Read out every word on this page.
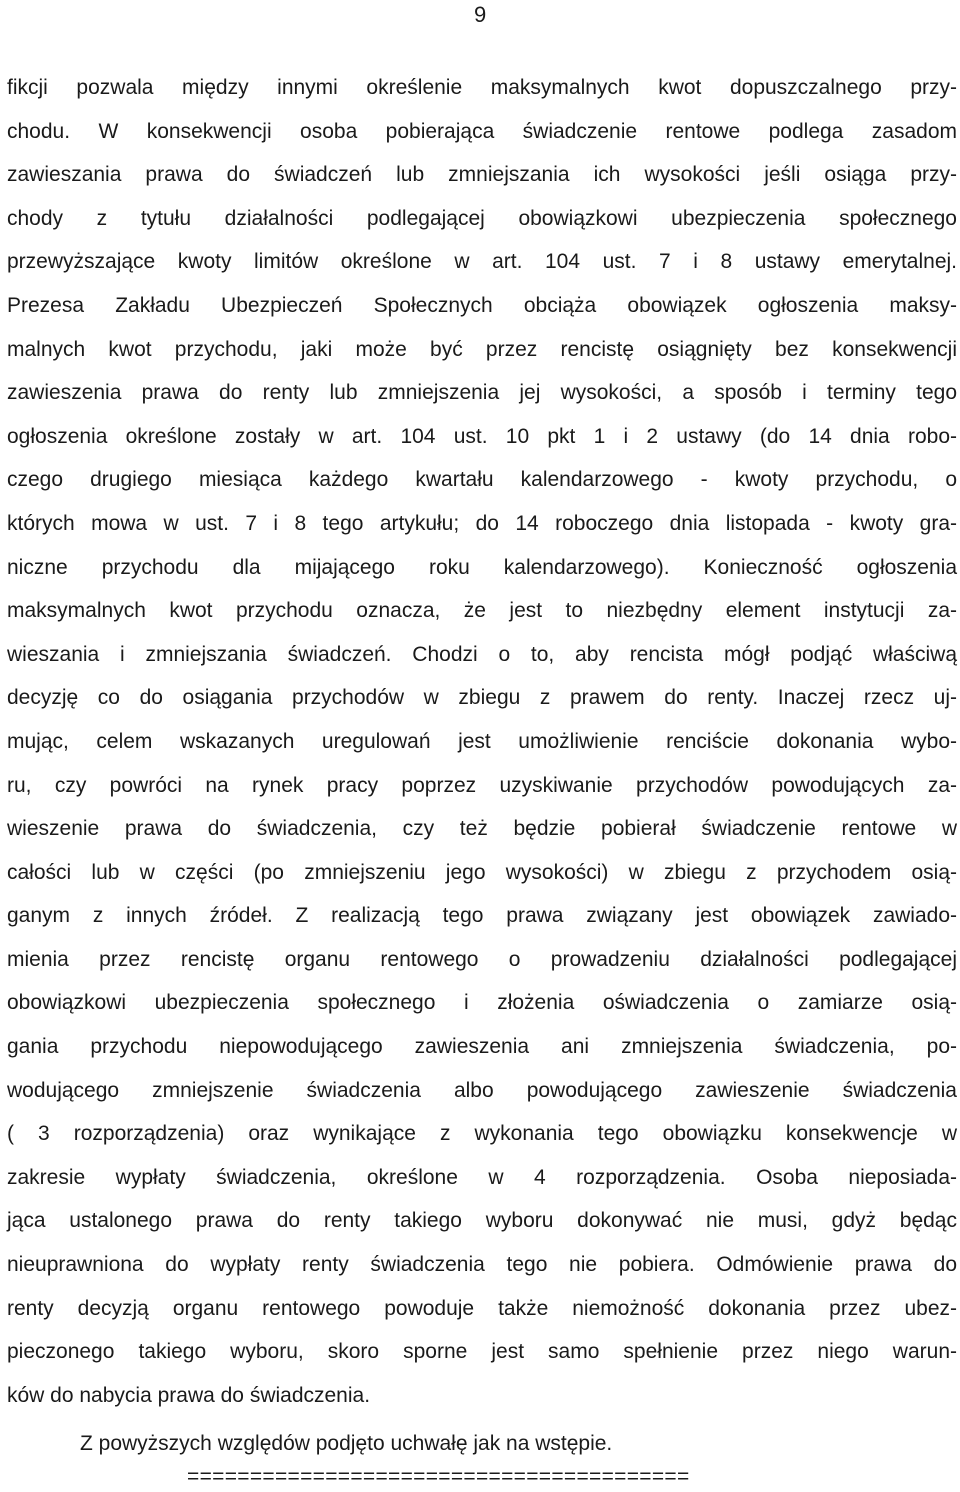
9
fikcji pozwala między innymi określenie maksymalnych kwot dopuszczalnego przy-
chodu. W konsekwencji osoba pobierająca świadczenie rentowe podlega zasadom
zawieszania prawa do świadczeń lub zmniejszania ich wysokości jeśli osiąga przy-
chody z tytułu działalności podlegającej obowiązkowi ubezpieczenia społecznego
przewyższające kwoty limitów określone w art. 104 ust. 7 i 8 ustawy emerytalnej.
Prezesa Zakładu Ubezpieczeń Społecznych obciąża obowiązek ogłoszenia maksy-
malnych kwot przychodu, jaki może być przez rencistę osiągnięty bez konsekwencji
zawieszenia prawa do renty lub zmniejszenia jej wysokości, a sposób i terminy tego
ogłoszenia określone zostały w art. 104 ust. 10 pkt 1 i 2 ustawy (do 14 dnia robo-
czego drugiego miesiąca każdego kwartału kalendarzowego - kwoty przychodu, o
których mowa w ust. 7 i 8 tego artykułu; do 14 roboczego dnia listopada - kwoty gra-
niczne przychodu dla mijającego roku kalendarzowego). Konieczność ogłoszenia
maksymalnych kwot przychodu oznacza, że jest to niezbędny element instytucji za-
wieszania i zmniejszania świadczeń. Chodzi o to, aby rencista mógł podjąć właściwą
decyzję co do osiągania przychodów w zbiegu z prawem do renty. Inaczej rzecz uj-
mując, celem wskazanych uregulowań jest umożliwienie renciście dokonania wybo-
ru, czy powróci na rynek pracy poprzez uzyskiwanie przychodów powodujących za-
wieszenie prawa do świadczenia, czy też będzie pobierał świadczenie rentowe w
całości lub w części (po zmniejszeniu jego wysokości) w zbiegu z przychodem osią-
ganym z innych źródeł. Z realizacją tego prawa związany jest obowiązek zawiado-
mienia przez rencistę organu rentowego o prowadzeniu działalności podlegającej
obowiązkowi ubezpieczenia społecznego i złożenia oświadczenia o zamiarze osią-
gania przychodu niepowodującego zawieszenia ani zmniejszenia świadczenia, po-
wodującego zmniejszenie świadczenia albo powodującego zawieszenie świadczenia
( 3 rozporządzenia) oraz wynikające z wykonania tego obowiązku konsekwencje w
zakresie wypłaty świadczenia, określone w 4 rozporządzenia. Osoba nieposiada-
jąca ustalonego prawa do renty takiego wyboru dokonywać nie musi, gdyż będąc
nieuprawniona do wypłaty renty świadczenia tego nie pobiera. Odmówienie prawa do
renty decyzją organu rentowego powoduje także niemożność dokonania przez ubez-
pieczonego takiego wyboru, skoro sporne jest samo spełnienie przez niego warun-
ków do nabycia prawa do świadczenia.
Z powyższych względów podjęto uchwałę jak na wstępie.
========================================
